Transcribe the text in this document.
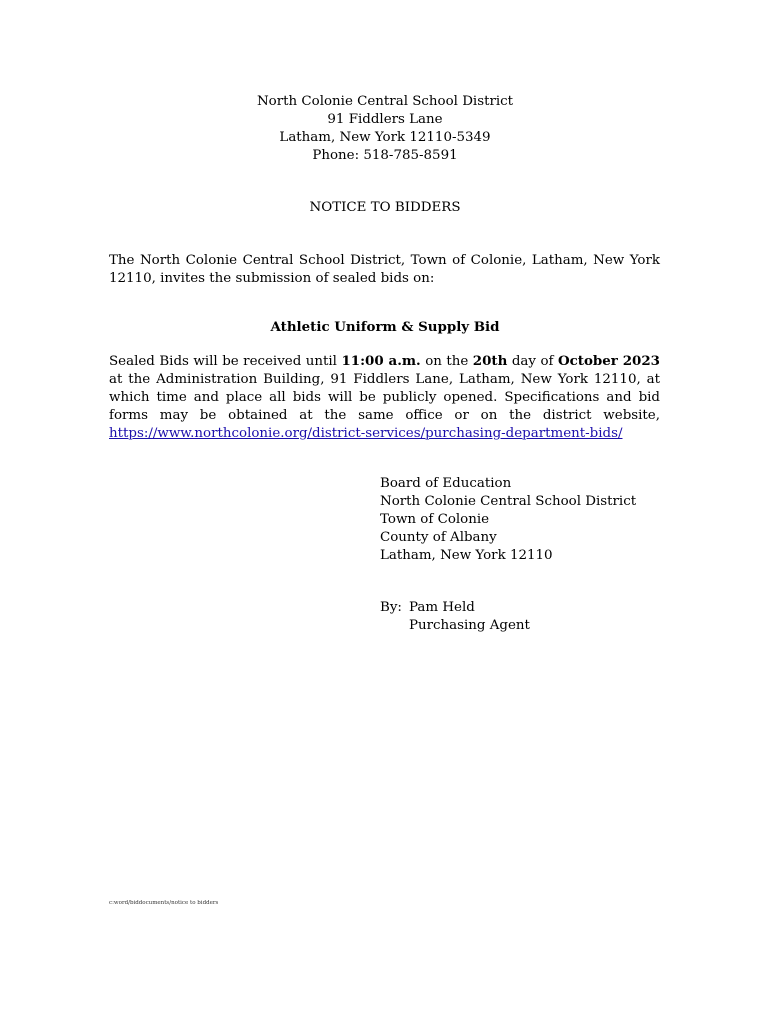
North Colonie Central School District
91 Fiddlers Lane
Latham, New York 12110-5349
Phone: 518-785-8591
NOTICE TO BIDDERS
The North Colonie Central School District, Town of Colonie, Latham, New York 12110, invites the submission of sealed bids on:
Athletic Uniform & Supply Bid
Sealed Bids will be received until 11:00 a.m. on the 20th day of October 2023 at the Administration Building, 91 Fiddlers Lane, Latham, New York 12110, at which time and place all bids will be publicly opened. Specifications and bid forms may be obtained at the same office or on the district website, https://www.northcolonie.org/district-services/purchasing-department-bids/
Board of Education
North Colonie Central School District
Town of Colonie
County of Albany
Latham, New York 12110
By: Pam Held
Purchasing Agent
c:word/biddocuments/notice to bidders
